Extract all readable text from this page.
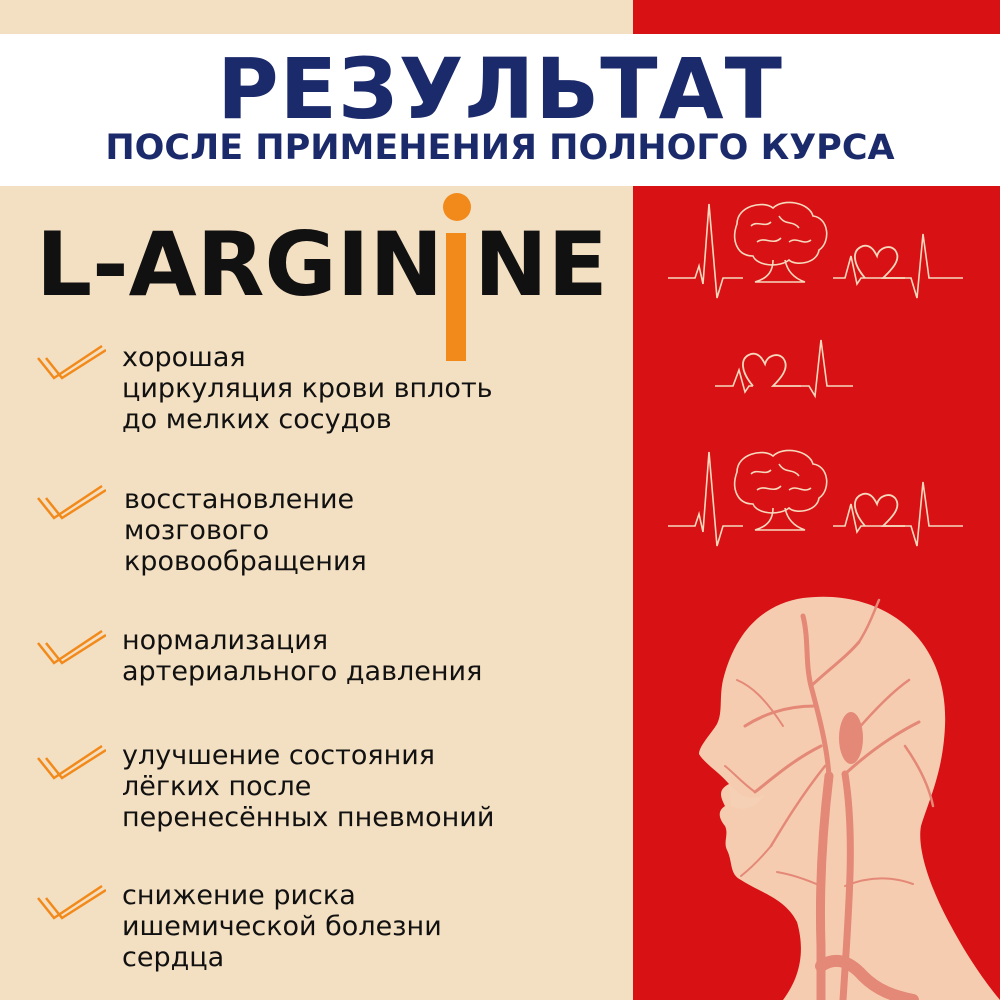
РЕЗУЛЬТАТ
ПОСЛЕ ПРИМЕНЕНИЯ ПОЛНОГО КУРСА
L-ARGIN NE
хорошая
циркуляция крови вплоть
до мелких сосудов
восстановление
мозгового
кровообращения
нормализация
артериального давления
улучшение состояния
лёгких после
перенесённых пневмоний
снижение риска
ишемической болезни
сердца
